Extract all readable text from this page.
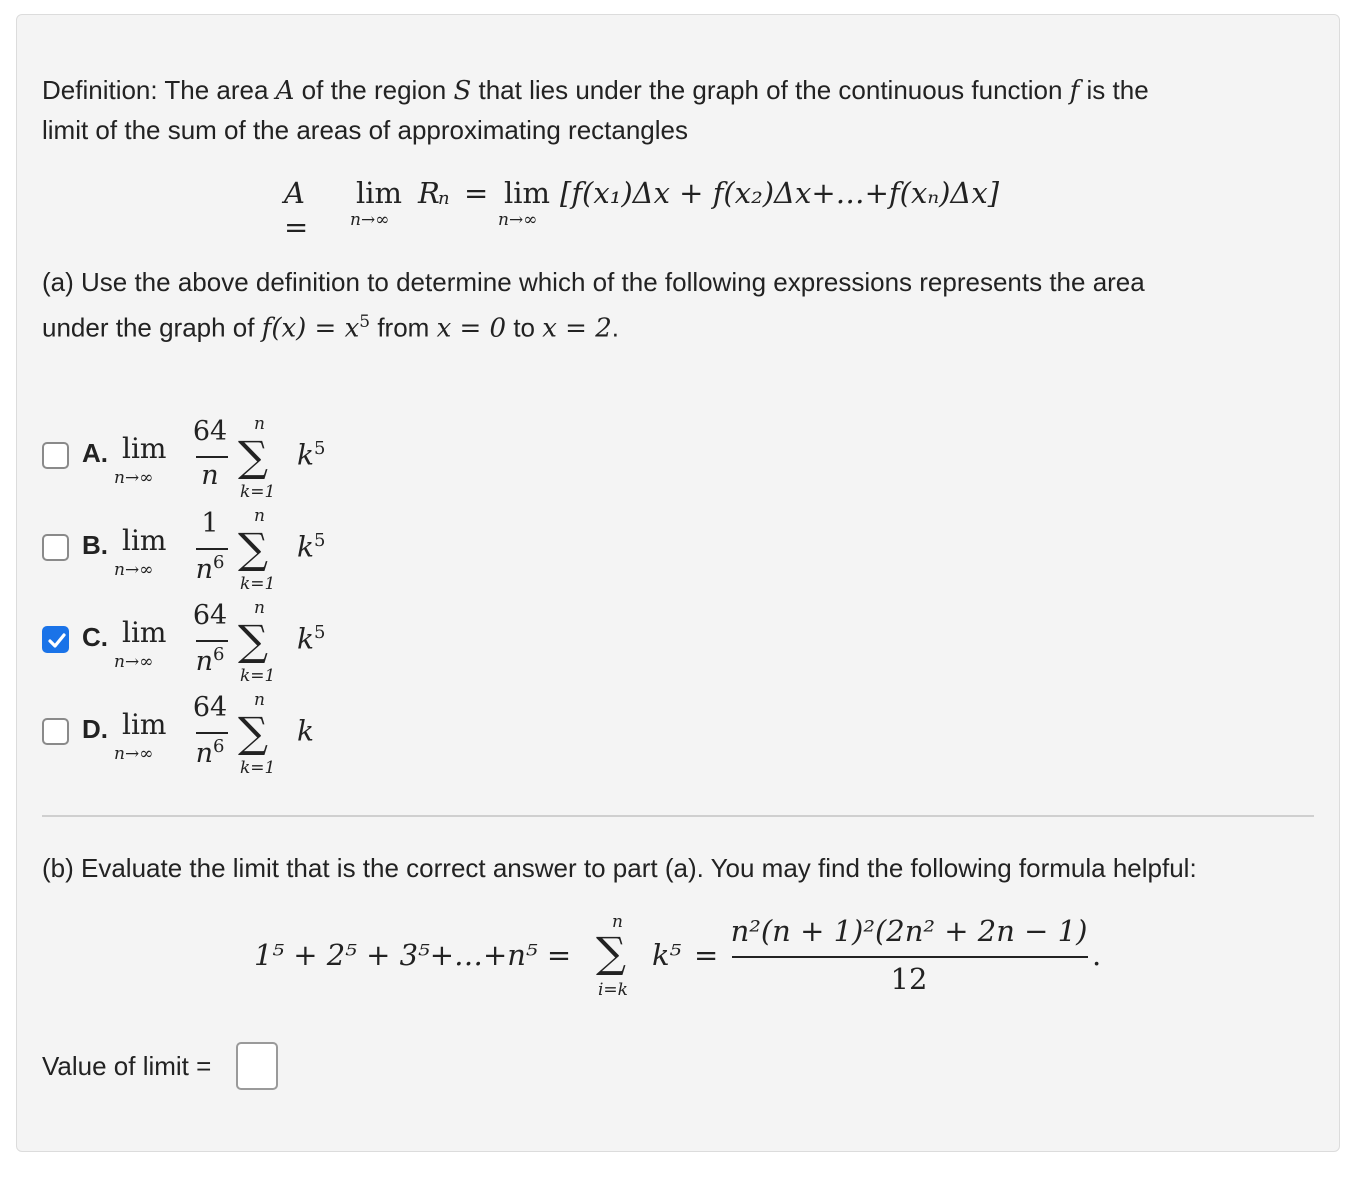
Definition: The area A of the region S that lies under the graph of the continuous function f is the

limit of the sum of the areas of approximating rectangles

A =
lim
n→∞
R
n = lim
n→∞
[f(x₁)Δx + f(x₂)Δx+…+f(xₙ)Δx]

(a) Use the above definition to determine which of the following expressions represents the area

under the graph of $f(x) = x^5$ from x = 0 to x = 2.

A. lim
n→∞
64
n
n
∑
k=1
$k^5$
B. lim
n→∞
1
$n^6$
n
∑
k=1
$k^5$
C. lim
n→∞
64
$n^6$
n
∑
k=1
$k^5$
D. lim
n→∞
64
$n^6$
n
∑
k=1
k

(b) Evaluate the limit that is the correct answer to part (a). You may find the following formula helpful:

1⁵ + 2⁵ + 3⁵+…+n⁵ =
n
∑
i=k
k⁵ =
n²(n + 1)²(2n² + 2n − 1)
12
.

Value of limit =
